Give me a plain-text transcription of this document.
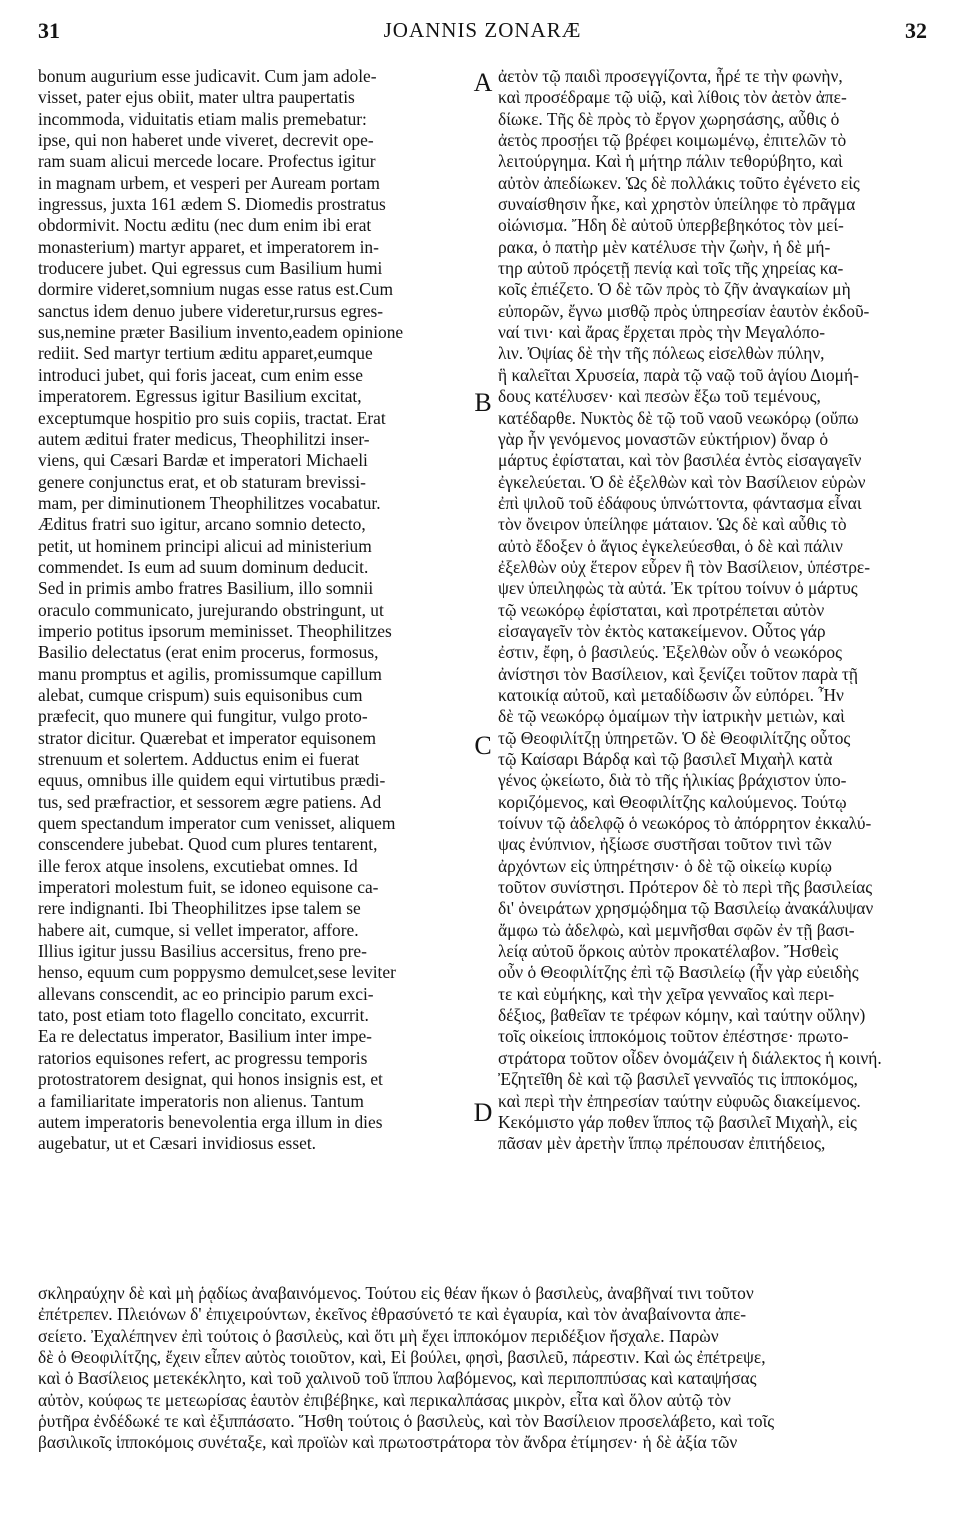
31	JOANNIS ZONARÆ	32
bonum augurium esse judicavit. Cum jam adole-
visset, pater ejus obiit, mater ultra paupertatis
incommoda, viduitatis etiam malis premebatur:
ipse, qui non haberet unde viveret, decrevit ope-
ram suam alicui mercede locare. Profectus igitur
in magnam urbem, et vesperi per Auream portam
ingressus, juxta 161 ædem S. Diomedis prostratus
obdormivit. Noctu æditu (nec dum enim ibi erat
monasterium) martyr apparet, et imperatorem in-
troducere jubet. Qui egressus cum Basilium humi
dormire videret,somnium nugas esse ratus est.Cum
sanctus idem denuo jubere videretur,rursus egres-
sus,nemine præter Basilium invento,eadem opinione
rediit. Sed martyr tertium æditu apparet,eumque
introduci jubet, qui foris jaceat, cum enim esse
imperatorem. Egressus igitur Basilium excitat,
exceptumque hospitio pro suis copiis, tractat. Erat
autem æditui frater medicus, Theophilitzi inser-
viens, qui Cæsari Bardæ et imperatori Michaeli
genere conjunctus erat, et ob staturam brevissi-
mam, per diminutionem Theophilitzes vocabatur.
Æditus fratri suo igitur, arcano somnio detecto,
petit, ut hominem principi alicui ad ministerium
commendet. Is eum ad suum dominum deducit.
Sed in primis ambo fratres Basilium, illo somnii
oraculo communicato, jurejurando obstringunt, ut
imperio potitus ipsorum meminisset. Theophilitzes
Basilio delectatus (erat enim procerus, formosus,
manu promptus et agilis, promissumque capillum
alebat, cumque crispum) suis equisonibus cum
præfecit, quo munere qui fungitur, vulgo proto-
strator dicitur. Quærebat et imperator equisonem
strenuum et solertem. Adductus enim ei fuerat
equus, omnibus ille quidem equi virtutibus prædi-
tus, sed præfractior, et sessorem ægre patiens. Ad
quem spectandum imperator cum venisset, aliquem
conscendere jubebat. Quod cum plures tentarent,
ille ferox atque insolens, excutiebat omnes. Id
imperatori molestum fuit, se idoneo equisone ca-
rere indignanti. Ibi Theophilitzes ipse talem se
habere ait, cumque, si vellet imperator, affore.
Illius igitur jussu Basilius accersitus, freno pre-
henso, equum cum poppysmo demulcet,sese leviter
allevans conscendit, ac eo principio parum exci-
tato, post etiam toto flagello concitato, excurrit.
Ea re delectatus imperator, Basilium inter impe-
ratorios equisones refert, ac progressu temporis
protostratorem designat, qui honos insignis est, et
a familiaritate imperatoris non alienus. Tantum
autem imperatoris benevolentia erga illum in dies
augebatur, ut et Cæsari invidiosus esset.
ἀετὸν τῷ παιδὶ προσεγγίζοντα, ἦρέ τε τὴν φωνὴν,
καὶ προσέδραμε τῷ υἱῷ, καὶ λίθοις τὸν ἀετὸν ἀπε-
δίωκε. Τῆς δὲ πρὸς τὸ ἔργον χωρησάσης, αὖθις ὁ
ἀετὸς προσῄει τῷ βρέφει κοιμωμένῳ, ἐπιτελῶν τὸ
λειτούργημα. Καὶ ἡ μήτηρ πάλιν τεθορύβητο, καὶ
αὐτὸν ἀπεδίωκεν. Ὡς δὲ πολλάκις τοῦτο ἐγένετο εἰς
συναίσθησιν ἧκε, καὶ χρηστὸν ὑπείληφε τὸ πρᾶγμα
οἰώνισμα. Ἤδη δὲ αὐτοῦ ὑπερβεβηκότος τὸν μεί-
ρακα, ὁ πατὴρ μὲν κατέλυσε τὴν ζωὴν, ἡ δὲ μή-
τηρ αὐτοῦ πρόςετῇ πενίᾳ καὶ τοῖς τῆς χηρείας κα-
κοῖς ἐπιέζετο. Ὁ δὲ τῶν πρὸς τὸ ζῆν ἀναγκαίων μὴ
εὐπορῶν, ἔγνω μισθῷ πρὸς ὑπηρεσίαν ἑαυτὸν ἐκδοῦ-
ναί τινι· καὶ ἄρας ἔρχεται πρὸς τὴν Μεγαλόπο-
λιν. Ὀψίας δὲ τὴν τῆς πόλεως εἰσελθὼν πύλην,
ἣ καλεῖται Χρυσεία, παρὰ τῷ ναῷ τοῦ ἁγίου Διομή-
δους κατέλυσεν· καὶ πεσὼν ἔξω τοῦ τεμένους,
κατέδαρθε. Νυκτὸς δὲ τῷ τοῦ ναοῦ νεωκόρῳ (οὔπω
γὰρ ἦν γενόμενος μοναστῶν εὐκτήριον) ὄναρ ὁ
μάρτυς ἐφίσταται, καὶ τὸν βασιλέα ἐντὸς εἰσαγαγεῖν
ἐγκελεύεται. Ὁ δὲ ἐξελθὼν καὶ τὸν Βασίλειον εὑρὼν
ἐπὶ ψιλοῦ τοῦ ἐδάφους ὑπνώττοντα, φάντασμα εἶναι
τὸν ὄνειρον ὑπείληφε μάταιον. Ὡς δὲ καὶ αὖθις τὸ
αὐτὸ ἔδοξεν ὁ ἅγιος ἐγκελεύεσθαι, ὁ δὲ καὶ πάλιν
ἐξελθὼν οὐχ ἕτερον εὗρεν ἢ τὸν Βασίλειον, ὑπέστρε-
ψεν ὑπειληφὼς τὰ αὐτά. Ἐκ τρίτου τοίνυν ὁ μάρτυς
τῷ νεωκόρῳ ἐφίσταται, καὶ προτρέπεται αὐτὸν
εἰσαγαγεῖν τὸν ἐκτὸς κατακείμενον. Οὗτος γάρ
ἐστιν, ἔφη, ὁ βασιλεύς. Ἐξελθὼν οὖν ὁ νεωκόρος
ἀνίστησι τὸν Βασίλειον, καὶ ξενίζει τοῦτον παρὰ τῇ
κατοικίᾳ αὐτοῦ, καὶ μεταδίδωσιν ὧν εὐπόρει. Ἦν
δὲ τῷ νεωκόρῳ ὁμαίμων τὴν ἰατρικὴν μετιὼν, καὶ
τῷ Θεοφιλίτζῃ ὑπηρετῶν. Ὁ δὲ Θεοφιλίτζης οὗτος
τῷ Καίσαρι Βάρδᾳ καὶ τῷ βασιλεῖ Μιχαὴλ κατὰ
γένος ᾠκείωτο, διὰ τὸ τῆς ἡλικίας βράχιστον ὑπο-
κοριζόμενος, καὶ Θεοφιλίτζης καλούμενος. Τούτῳ
τοίνυν τῷ ἀδελφῷ ὁ νεωκόρος τὸ ἀπόρρητον ἐκκαλύ-
ψας ἐνύπνιον, ἠξίωσε συστῆσαι τοῦτον τινὶ τῶν
ἀρχόντων εἰς ὑπηρέτησιν· ὁ δὲ τῷ οἰκείῳ κυρίῳ
τοῦτον συνίστησι. Πρότερον δὲ τὸ περὶ τῆς βασιλείας
δι' ὀνειράτων χρησμῴδημα τῷ Βασιλείῳ ἀνακάλυψαν
ἄμφω τὼ ἀδελφὼ, καὶ μεμνῆσθαι σφῶν ἐν τῇ βασι-
λείᾳ αὐτοῦ ὅρκοις αὐτὸν προκατέλαβον. Ἤσθεὶς
οὖν ὁ Θεοφιλίτζης ἐπὶ τῷ Βασιλείῳ (ἦν γὰρ εὐειδὴς
τε καὶ εὐμήκης, καὶ τὴν χεῖρα γενναῖος καὶ περι-
δέξιος, βαθεῖαν τε τρέφων κόμην, καὶ ταύτην οὔλην)
τοῖς οἰκείοις ἱπποκόμοις τοῦτον ἐπέστησε· πρωτο-
στράτορα τοῦτον οἶδεν ὀνομάζειν ἡ διάλεκτος ἡ κοινή.
Ἐζητεῖθη δὲ καὶ τῷ βασιλεῖ γενναῖός τις ἱπποκόμος,
καὶ περὶ τὴν ἐπηρεσίαν ταύτην εὐφυῶς διακείμενος.
Κεκόμιστο γάρ ποθεν ἵππος τῷ βασιλεῖ Μιχαὴλ, εἰς
πᾶσαν μὲν ἀρετὴν ἵππῳ πρέπουσαν ἐπιτήδειος,
A
B
C
D
σκληραύχην δὲ καὶ μὴ ῥᾳδίως ἀναβαινόμενος. Τούτου εἰς θέαν ἥκων ὁ βασιλεὺς, ἀναβῆναί τινι τοῦτον
ἐπέτρεπεν. Πλειόνων δ' ἐπιχειρούντων, ἐκεῖνος ἐθρασύνετό τε καὶ ἐγαυρία, καὶ τὸν ἀναβαίνοντα ἀπε-
σείετο. Ἐχαλέπηνεν ἐπὶ τούτοις ὁ βασιλεὺς, καὶ ὅτι μὴ ἔχει ἱπποκόμον περιδέξιον ἤσχαλε. Παρὼν
δὲ ὁ Θεοφιλίτζης, ἔχειν εἶπεν αὐτὸς τοιοῦτον, καὶ, Εἰ βούλει, φησὶ, βασιλεῦ, πάρεστιν. Καὶ ὡς ἐπέτρεψε,
καὶ ὁ Βασίλειος μετεκέκλητο, καὶ τοῦ χαλινοῦ τοῦ ἵππου λαβόμενος, καὶ περιποππύσας καὶ καταψήσας
αὐτὸν, κούφως τε μετεωρίσας ἑαυτὸν ἐπιβέβηκε, καὶ περικαλπάσας μικρὸν, εἶτα καὶ ὅλον αὐτῷ τὸν
ῥυτῆρα ἐνδέδωκέ τε καὶ ἐξιππάσατο. Ἥσθη τούτοις ὁ βασιλεὺς, καὶ τὸν Βασίλειον προσελάβετο, καὶ τοῖς
βασιλικοῖς ἱπποκόμοις συνέταξε, καὶ προϊὼν καὶ πρωτοστράτορα τὸν ἄνδρα ἐτίμησεν· ἡ δὲ ἀξία τῶν
